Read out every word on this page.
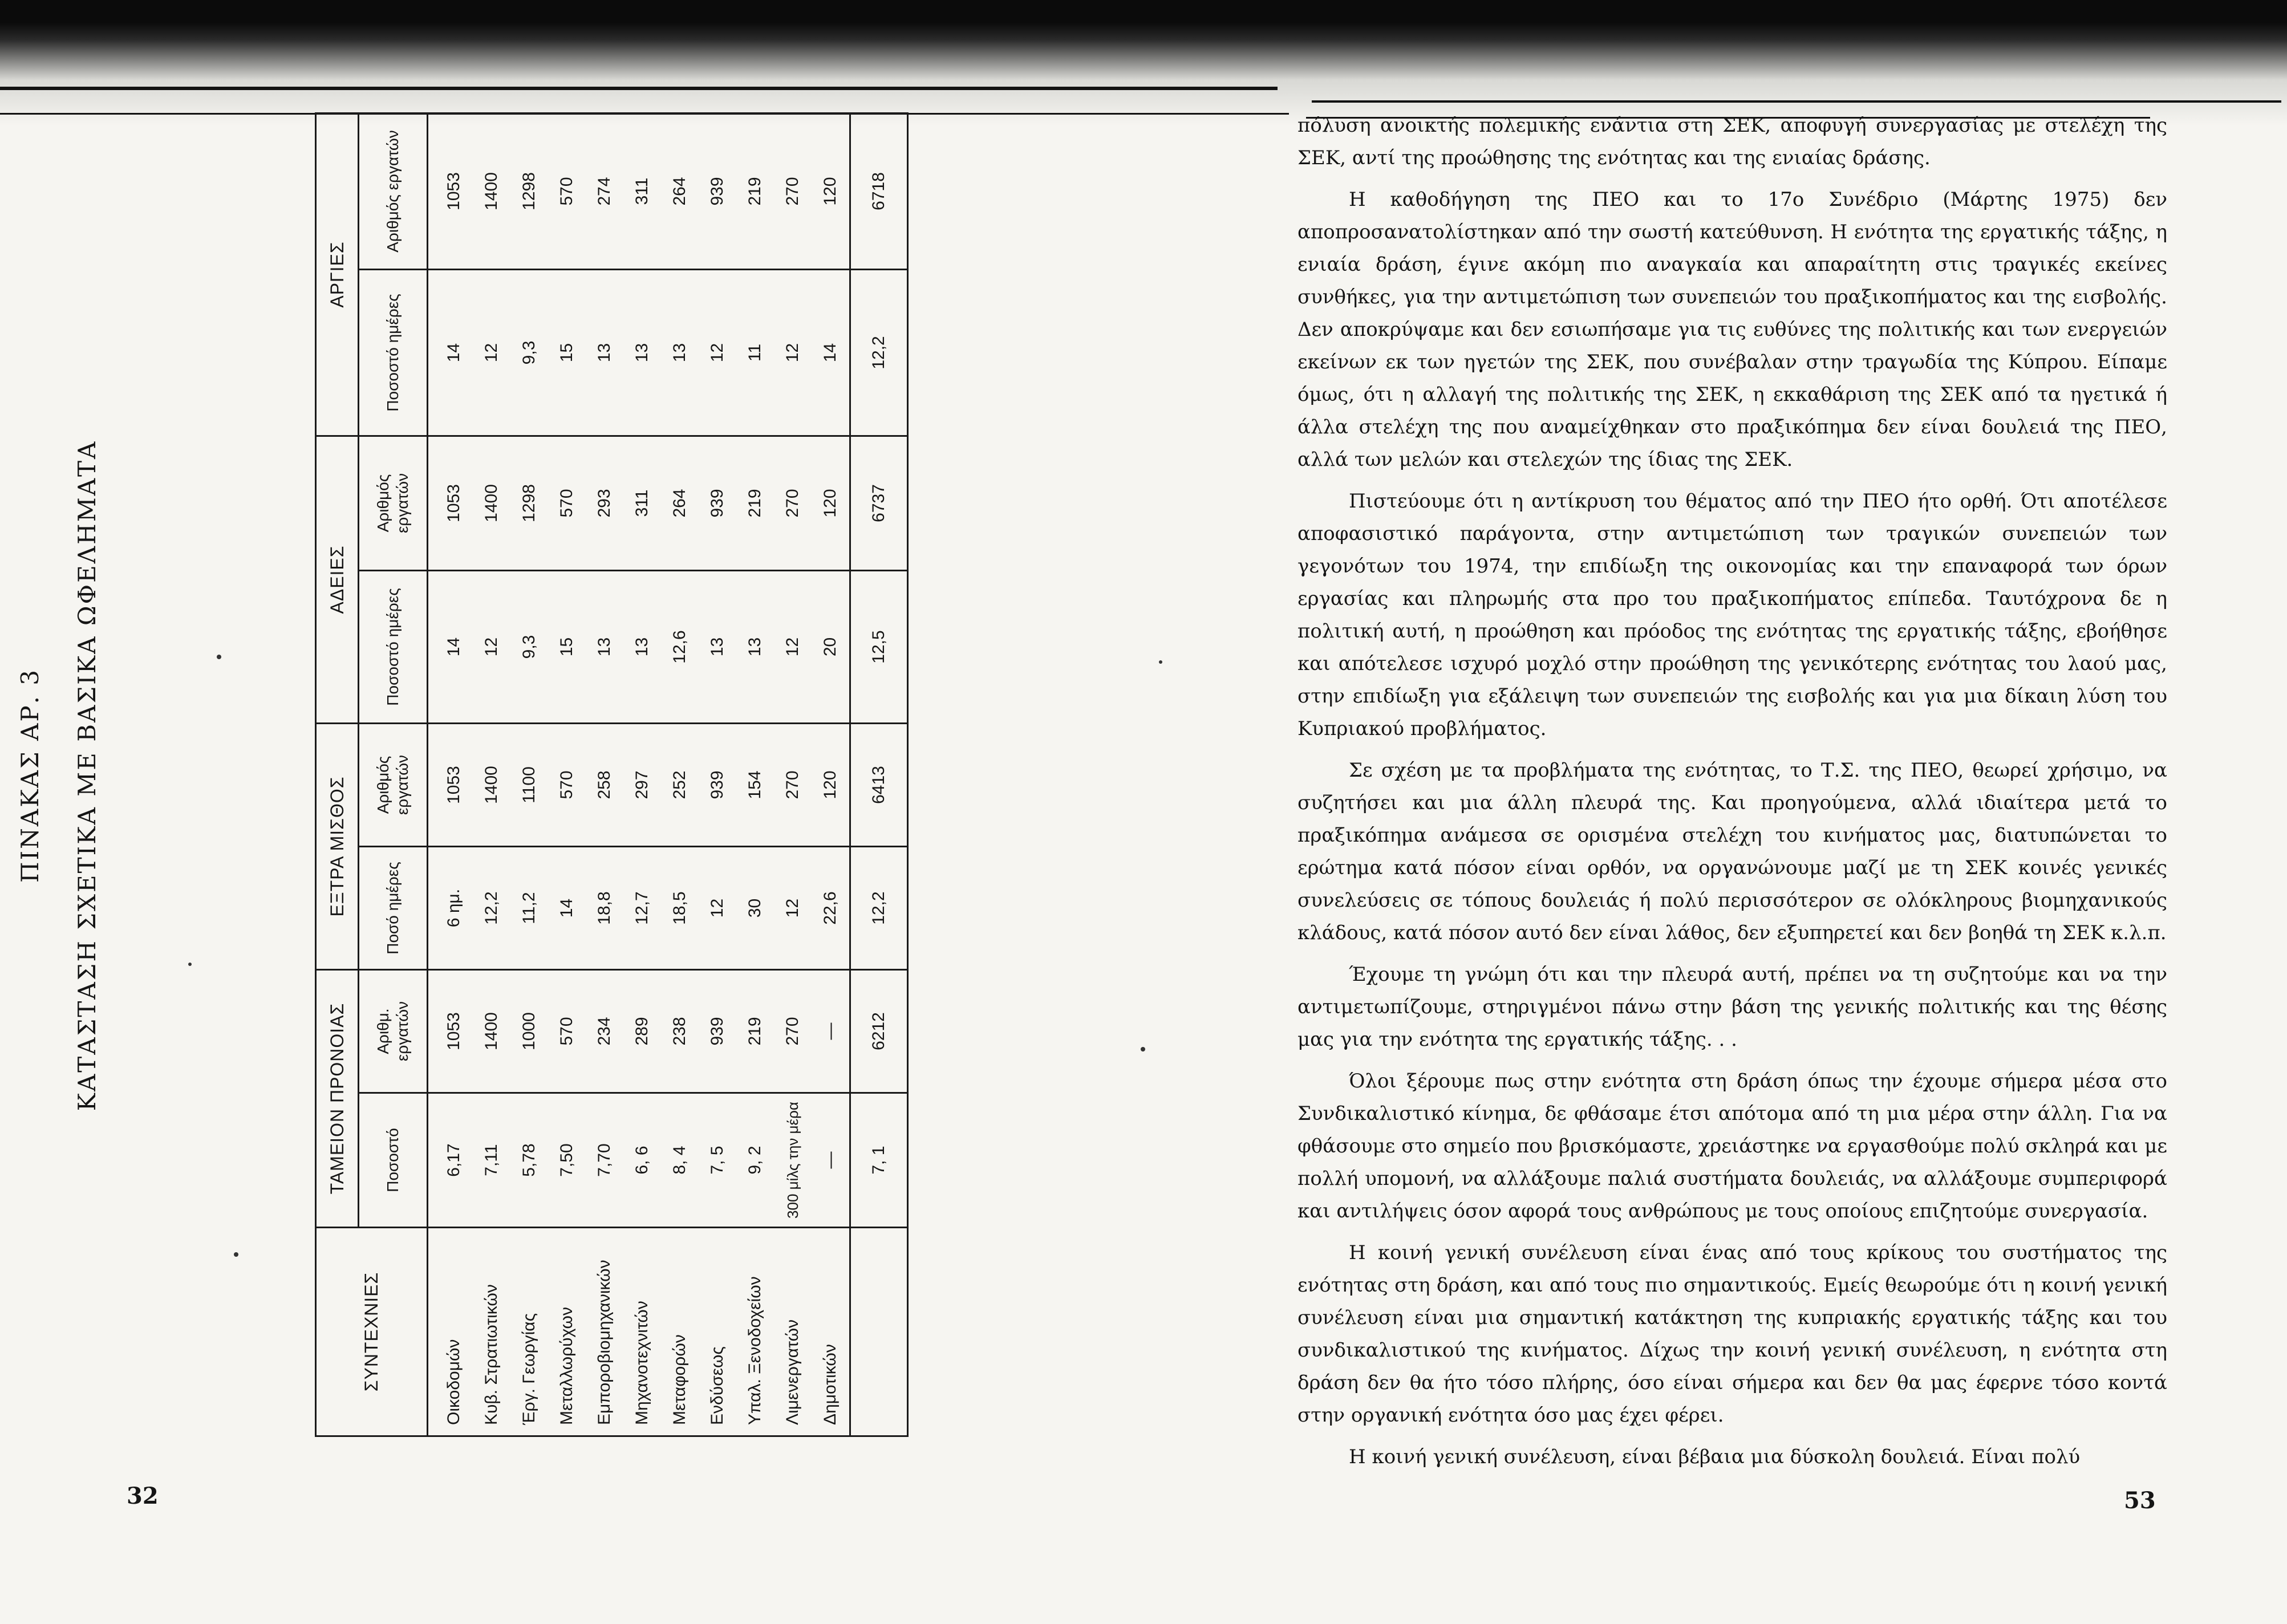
ΠΙΝΑΚΑΣ ΑΡ. 3 ΚΑΤΑΣΤΑΣΗ ΣΧΕΤΙΚΑ ΜΕ ΒΑΣΙΚΑ ΩΦΕΛΗΜΑΤΑ
ΣΥΝΤΕΧΝΙΕΣ	ΤΑΜΕΙΟΝ ΠΡΟΝΟΙΑΣ		ΕΞΤΡΑ ΜΙΣΘΟΣ		ΑΔΕΙΕΣ		ΑΡΓΙΕΣ	
	Ποσοστό	Αριθμ. εργατών	Ποσό ημέρες	Αριθμός εργατών	Ποσοστό ημέρες	Αριθμός εργατών	Ποσοστό ημέρες	Αριθμός εργατών
Οικοδομών	6,17	1053	6 ημ.	1053	14	1053	14	1053
Κυβ. Στρατιωτικών	7,11	1400	12,2	1400	12	1400	12	1400
Έργ. Γεωργίας	5,78	1000	11,2	1100	9,3	1298	9,3	1298
Μεταλλωρύχων	7,50	570	14	570	15	570	15	570
Εμποροβιομηχανικών	7,70	234	18,8	258	13	293	13	274
Μηχανοτεχνιτών	6, 6	289	12,7	297	13	311	13	311
Μεταφορών	8, 4	238	18,5	252	12,6	264	13	264
Ενδύσεως	7, 5	939	12	939	13	939	12	939
Υπαλ. Ξενοδοχείων	9, 2	219	30	154	13	219	11	219
Λιμενεργατών	300 μίλς την μέρα	270	12	270	12	270	12	270
Δημοτικών	—	—	22,6	120	20	120	14	120
	7, 1	6212	12,2	6413	12,5	6737	12,2	6718
32

πόλυση ανοικτής πολεμικής ενάντια στη ΣΕΚ, αποφυγή συνεργασίας με στελέχη της ΣΕΚ, αντί της προώθησης της ενότητας και της ενιαίας δράσης.

Η καθοδήγηση της ΠΕΟ και το 17ο Συνέδριο (Μάρτης 1975) δεν αποπροσανατολίστηκαν από την σωστή κατεύθυνση. Η ενότητα της εργατικής τάξης, η ενιαία δράση, έγινε ακόμη πιο αναγκαία και απαραίτητη στις τραγικές εκείνες συνθήκες, για την αντιμετώπιση των συνεπειών του πραξικοπήματος και της εισβολής. Δεν αποκρύψαμε και δεν εσιωπήσαμε για τις ευθύνες της πολιτικής και των ενεργειών εκείνων εκ των ηγετών της ΣΕΚ, που συνέβαλαν στην τραγωδία της Κύπρου. Είπαμε όμως, ότι η αλλαγή της πολιτικής της ΣΕΚ, η εκκαθάριση της ΣΕΚ από τα ηγετικά ή άλλα στελέχη της που αναμείχθηκαν στο πραξικόπημα δεν είναι δουλειά της ΠΕΟ, αλλά των μελών και στελεχών της ίδιας της ΣΕΚ.

Πιστεύουμε ότι η αντίκρυση του θέματος από την ΠΕΟ ήτο ορθή. Ότι αποτέλεσε αποφασιστικό παράγοντα, στην αντιμετώπιση των τραγικών συνεπειών των γεγονότων του 1974, την επιδίωξη της οικονομίας και την επαναφορά των όρων εργασίας και πληρωμής στα προ του πραξικοπήματος επίπεδα. Ταυτόχρονα δε η πολιτική αυτή, η προώθηση και πρόοδος της ενότητας της εργατικής τάξης, εβοήθησε και απότελεσε ισχυρό μοχλό στην προώθηση της γενικότερης ενότητας του λαού μας, στην επιδίωξη για εξάλειψη των συνεπειών της εισβολής και για μια δίκαιη λύση του Κυπριακού προβλήματος.

Σε σχέση με τα προβλήματα της ενότητας, το Τ.Σ. της ΠΕΟ, θεωρεί χρήσιμο, να συζητήσει και μια άλλη πλευρά της. Και προηγούμενα, αλλά ιδιαίτερα μετά το πραξικόπημα ανάμεσα σε ορισμένα στελέχη του κινήματος μας, διατυπώνεται το ερώτημα κατά πόσον είναι ορθόν, να οργανώνουμε μαζί με τη ΣΕΚ κοινές γενικές συνελεύσεις σε τόπους δουλειάς ή πολύ περισσότερον σε ολόκληρους βιομηχανικούς κλάδους, κατά πόσον αυτό δεν είναι λάθος, δεν εξυπηρετεί και δεν βοηθά τη ΣΕΚ κ.λ.π.

Έχουμε τη γνώμη ότι και την πλευρά αυτή, πρέπει να τη συζητούμε και να την αντιμετωπίζουμε, στηριγμένοι πάνω στην βάση της γενικής πολιτικής και της θέσης μας για την ενότητα της εργατικής τάξης. . .

Όλοι ξέρουμε πως στην ενότητα στη δράση όπως την έχουμε σήμερα μέσα στο Συνδικαλιστικό κίνημα, δε φθάσαμε έτσι απότομα από τη μια μέρα στην άλλη. Για να φθάσουμε στο σημείο που βρισκόμαστε, χρειάστηκε να εργασθούμε πολύ σκληρά και με πολλή υπομονή, να αλλάξουμε παλιά συστήματα δουλειάς, να αλλάξουμε συμπεριφορά και αντιλήψεις όσον αφορά τους ανθρώπους με τους οποίους επιζητούμε συνεργασία.

Η κοινή γενική συνέλευση είναι ένας από τους κρίκους του συστήματος της ενότητας στη δράση, και από τους πιο σημαντικούς. Εμείς θεωρούμε ότι η κοινή γενική συνέλευση είναι μια σημαντική κατάκτηση της κυπριακής εργατικής τάξης και του συνδικαλιστικού της κινήματος. Δίχως την κοινή γενική συνέλευση, η ενότητα στη δράση δεν θα ήτο τόσο πλήρης, όσο είναι σήμερα και δεν θα μας έφερνε τόσο κοντά στην οργανική ενότητα όσο μας έχει φέρει.

Η κοινή γενική συνέλευση, είναι βέβαια μια δύσκολη δουλειά. Είναι πολύ

53
